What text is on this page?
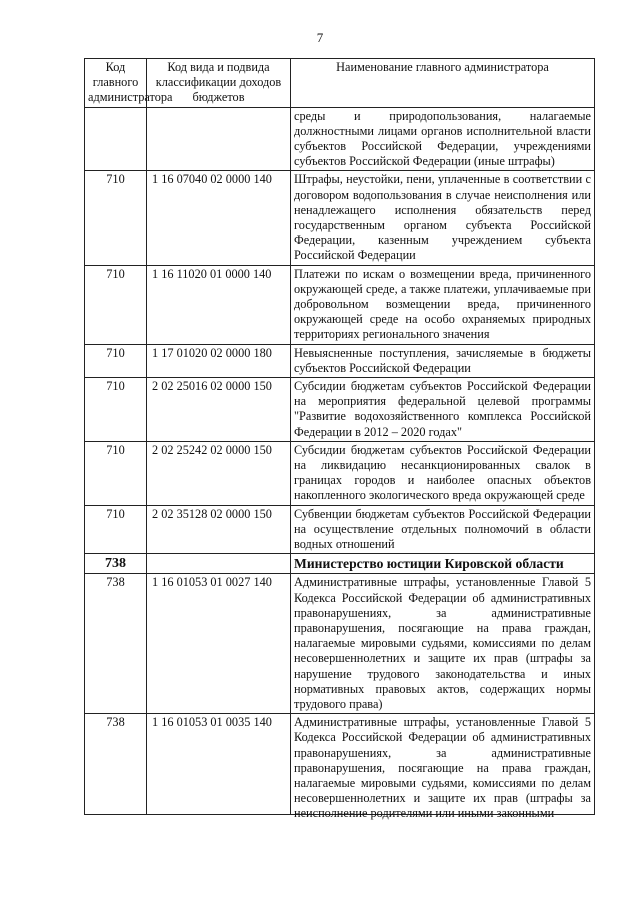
7
Код главного администратора	Код вида и подвида классификации доходов бюджетов	Наименование главного администратора
		среды и природопользования, налагаемые должностными лицами органов исполнительной власти субъектов Российской Федерации, учреждениями субъектов Российской Федерации (иные штрафы)
710	1 16 07040 02 0000 140	Штрафы, неустойки, пени, уплаченные в соответствии с договором водопользования в случае неисполнения или ненадлежащего исполнения обязательств перед государственным органом субъекта Российской Федерации, казенным учреждением субъекта Российской Федерации
710	1 16 11020 01 0000 140	Платежи по искам о возмещении вреда, причиненного окружающей среде, а также платежи, уплачиваемые при добровольном возмещении вреда, причиненного окружающей среде на особо охраняемых природных территориях регионального значения
710	1 17 01020 02 0000 180	Невыясненные поступления, зачисляемые в бюджеты субъектов Российской Федерации
710	2 02 25016 02 0000 150	Субсидии бюджетам субъектов Российской Федерации на мероприятия федеральной целевой программы "Развитие водохозяйственного комплекса Российской Федерации в 2012 – 2020 годах"
710	2 02 25242 02 0000 150	Субсидии бюджетам субъектов Российской Федерации на ликвидацию несанкционированных свалок в границах городов и наиболее опасных объектов накопленного экологического вреда окружающей среде
710	2 02 35128 02 0000 150	Субвенции бюджетам субъектов Российской Федерации на осуществление отдельных полномочий в области водных отношений
738		Министерство юстиции Кировской области
738	1 16 01053 01 0027 140	Административные штрафы, установленные Главой 5 Кодекса Российской Федерации об административных правонарушениях, за административные правонарушения, посягающие на права граждан, налагаемые мировыми судьями, комиссиями по делам несовершеннолетних и защите их прав (штрафы за нарушение трудового законодательства и иных нормативных правовых актов, содержащих нормы трудового права)
738	1 16 01053 01 0035 140	Административные штрафы, установленные Главой 5 Кодекса Российской Федерации об административных правонарушениях, за административные правонарушения, посягающие на права граждан, налагаемые мировыми судьями, комиссиями по делам несовершеннолетних и защите их прав (штрафы за неисполнение родителями или иными законными
